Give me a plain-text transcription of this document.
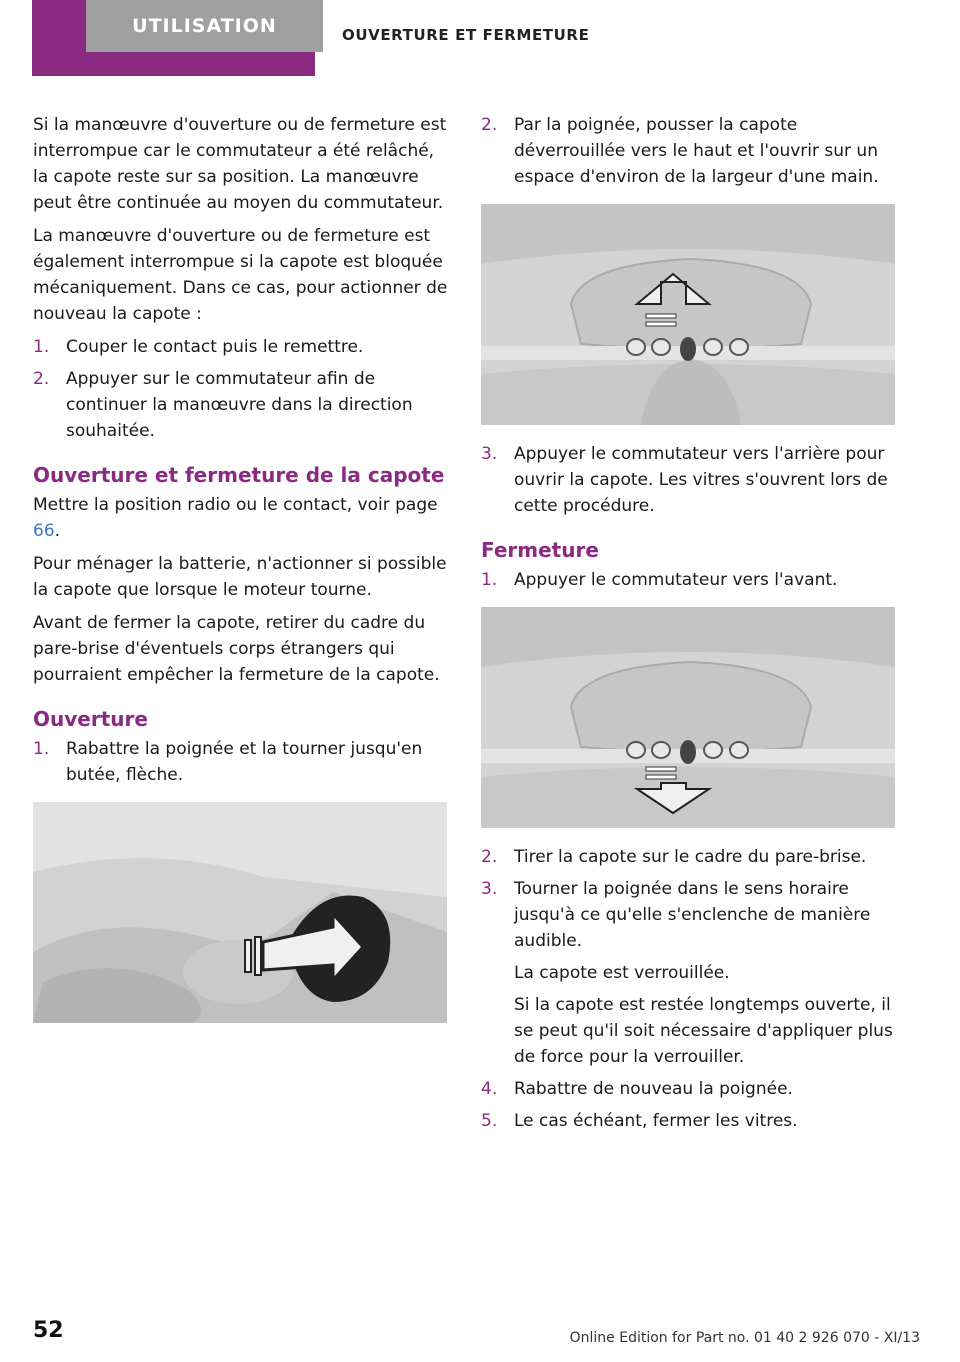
UTILISATION	OUVERTURE ET FERMETURE

Si la manœuvre d'ouverture ou de fermeture est interrompue car le commutateur a été relâché, la capote reste sur sa position. La manœuvre peut être continuée au moyen du commutateur.

La manœuvre d'ouverture ou de fermeture est également interrompue si la capote est bloquée mécaniquement. Dans ce cas, pour actionner de nouveau la capote :

1. Couper le contact puis le remettre.
2. Appuyer sur le commutateur afin de continuer la manœuvre dans la direction souhaitée.
Ouverture et fermeture de la capote

Mettre la position radio ou le contact, voir page 66.

Pour ménager la batterie, n'actionner si possible la capote que lorsque le moteur tourne.

Avant de fermer la capote, retirer du cadre du pare-brise d'éventuels corps étrangers qui pourraient empêcher la fermeture de la capote.

Ouverture
1. Rabattre la poignée et la tourner jusqu'en butée, flèche.
2. Par la poignée, pousser la capote déverrouillée vers le haut et l'ouvrir sur un espace d'environ de la largeur d'une main.
3. Appuyer le commutateur vers l'arrière pour ouvrir la capote. Les vitres s'ouvrent lors de cette procédure.
Fermeture
1. Appuyer le commutateur vers l'avant.
2. Tirer la capote sur le cadre du pare-brise.
3. Tourner la poignée dans le sens horaire jusqu'à ce qu'elle s'enclenche de manière audible.

La capote est verrouillée.

Si la capote est restée longtemps ouverte, il se peut qu'il soit nécessaire d'appliquer plus de force pour la verrouiller.

4. Rabattre de nouveau la poignée.
5. Le cas échéant, fermer les vitres.
52	Online Edition for Part no. 01 40 2 926 070 - XI/13
